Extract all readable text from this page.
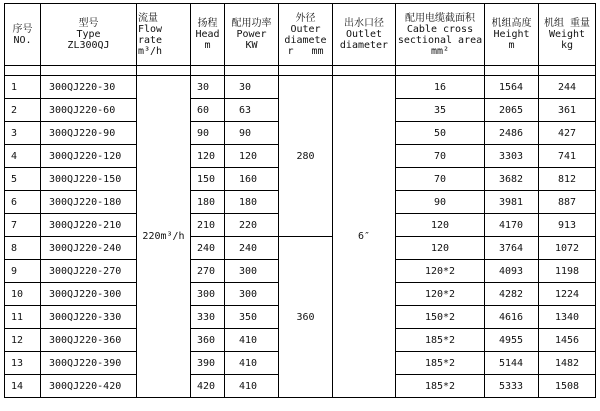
序号
NO.	型号
Type
ZL300QJ	流量
Flow
rate
m³/h	扬程
Head
m	配用功率
Power
KW	外径
Outer
diamete
r   mm	出水口径
Outlet
diameter	配用电缆截面积
Cable cross
sectional area
mm²	机组高度
Height
m	机组 重量
Weight
kg

1	300QJ220-30	220m³/h	30	30	280	6″	16	1564	244
2	300QJ220-60		60	63			35	2065	361
3	300QJ220-90		90	90			50	2486	427
4	300QJ220-120		120	120			70	3303	741
5	300QJ220-150		150	160			70	3682	812
6	300QJ220-180		180	180			90	3981	887
7	300QJ220-210		210	220			120	4170	913
8	300QJ220-240		240	240	360		120	3764	1072
9	300QJ220-270		270	300			120*2	4093	1198
10	300QJ220-300		300	300			120*2	4282	1224
11	300QJ220-330		330	350			150*2	4616	1340
12	300QJ220-360		360	410			185*2	4955	1456
13	300QJ220-390		390	410			185*2	5144	1482
14	300QJ220-420		420	410			185*2	5333	1508
